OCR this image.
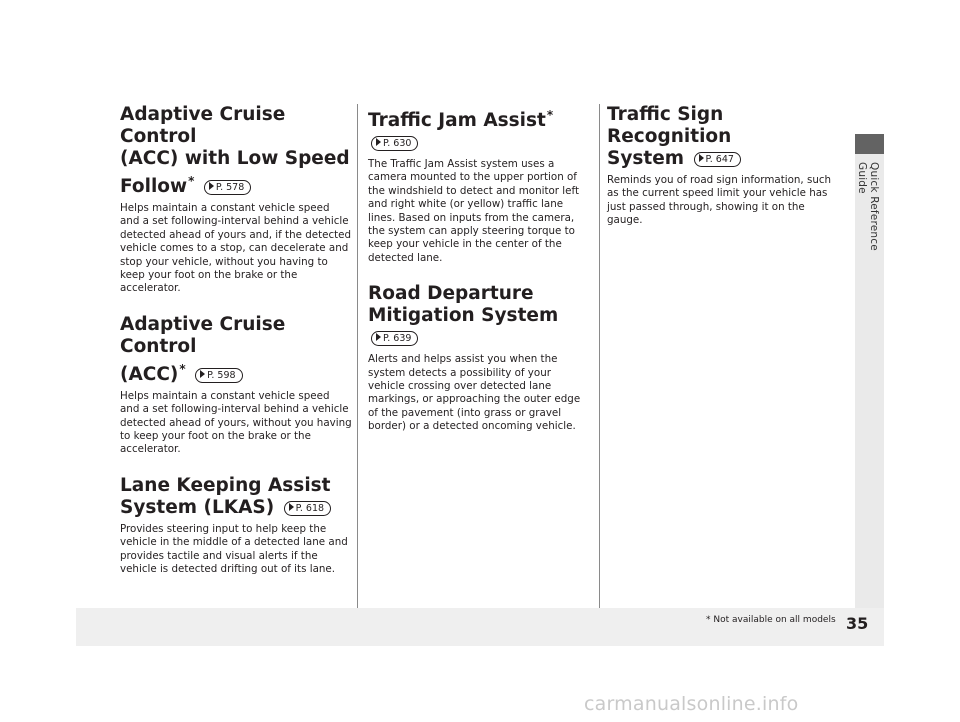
Quick Reference Guide
Adaptive Cruise Control
(ACC) with Low Speed
Follow* P. 578

Helps maintain a constant vehicle speed and a set following-interval behind a vehicle detected ahead of yours and, if the detected vehicle comes to a stop, can decelerate and stop your vehicle, without you having to keep your foot on the brake or the accelerator.

Adaptive Cruise Control
(ACC)* P. 598

Helps maintain a constant vehicle speed and a set following-interval behind a vehicle detected ahead of yours, without you having to keep your foot on the brake or the accelerator.

Lane Keeping Assist
System (LKAS) P. 618

Provides steering input to help keep the vehicle in the middle of a detected lane and provides tactile and visual alerts if the vehicle is detected drifting out of its lane.

Traffic Jam Assist* P. 630

The Traffic Jam Assist system uses a camera mounted to the upper portion of the windshield to detect and monitor left and right white (or yellow) traffic lane lines. Based on inputs from the camera, the system can apply steering torque to keep your vehicle in the center of the detected lane.

Road Departure
Mitigation System P. 639

Alerts and helps assist you when the system detects a possibility of your vehicle crossing over detected lane markings, or approaching the outer edge of the pavement (into grass or gravel border) or a detected oncoming vehicle.

Traffic Sign Recognition
System P. 647

Reminds you of road sign information, such as the current speed limit your vehicle has just passed through, showing it on the gauge.

* Not available on all models 35
carmanualsonline.info
